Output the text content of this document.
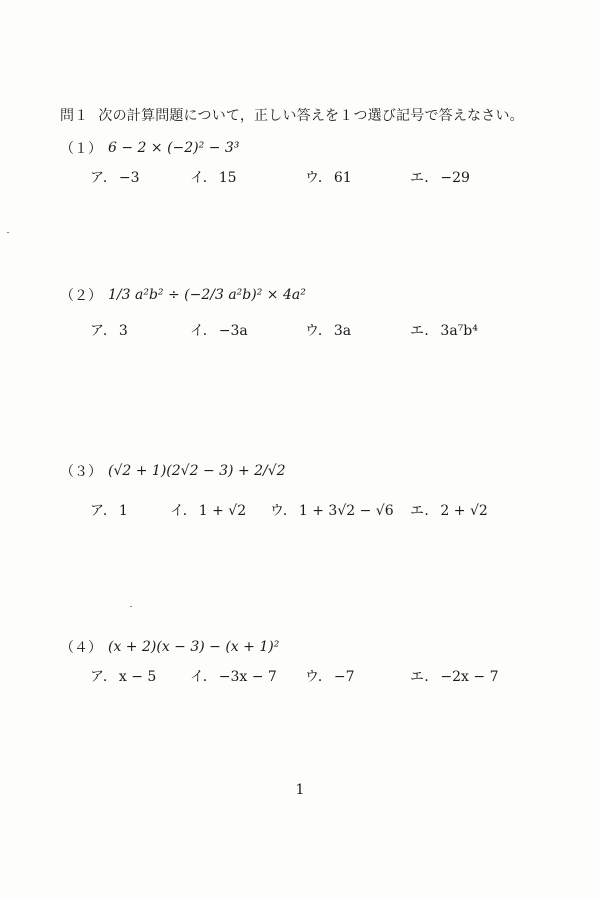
問１ 次の計算問題について，正しい答えを１つ選び記号で答えなさい。
（１） 6 − 2 × (−2)² − 3³
ア． −3	イ． 15	ウ． 61	エ． −29
（２） 1/3 a²b² ÷ (−2/3 a²b)² × 4a²
ア． 3	イ． −3a	ウ． 3a	エ． 3a⁷b⁴
（３） (√2 + 1)(2√2 − 3) + 2/√2
ア． 1	イ． 1 + √2 ウ． 1 + 3√2 − √6 エ． 2 + √2
（４） (x + 2)(x − 3) − (x + 1)²
ア． x − 5 イ． −3x − 7 ウ． −7	エ． −2x − 7
1
